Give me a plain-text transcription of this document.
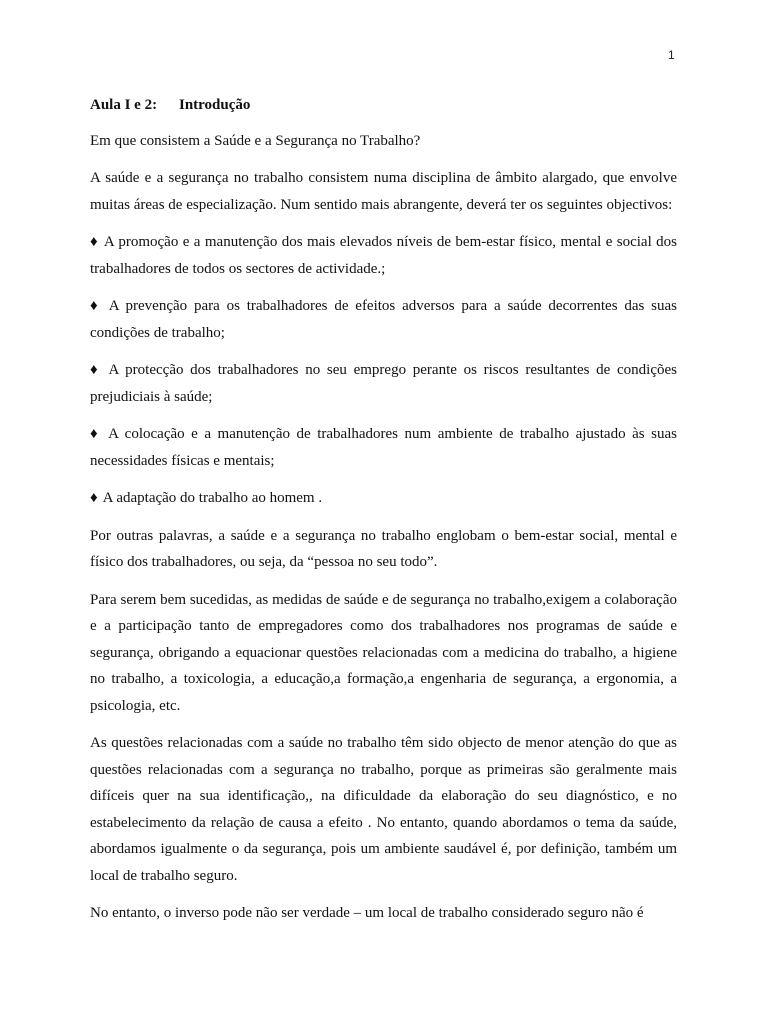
1
Aula I e 2: Introdução

Em que consistem a Saúde e a Segurança no Trabalho?

A saúde e a segurança no trabalho consistem numa disciplina de âmbito alargado, que envolve muitas áreas de especialização. Num sentido mais abrangente, deverá ter os seguintes objectivos:

♦ A promoção e a manutenção dos mais elevados níveis de bem-estar físico, mental e social dos trabalhadores de todos os sectores de actividade.;

♦ A prevenção para os trabalhadores de efeitos adversos para a saúde decorrentes das suas condições de trabalho;

♦ A protecção dos trabalhadores no seu emprego perante os riscos resultantes de condições prejudiciais à saúde;

♦ A colocação e a manutenção de trabalhadores num ambiente de trabalho ajustado às suas necessidades físicas e mentais;

♦ A adaptação do trabalho ao homem .

Por outras palavras, a saúde e a segurança no trabalho englobam o bem-estar social, mental e físico dos trabalhadores, ou seja, da “pessoa no seu todo”.

Para serem bem sucedidas, as medidas de saúde e de segurança no trabalho,exigem a colaboração e a participação tanto de empregadores como dos trabalhadores nos programas de saúde e segurança, obrigando a equacionar questões relacionadas com a medicina do trabalho, a higiene no trabalho, a toxicologia, a educação,a formação,a engenharia de segurança, a ergonomia, a psicologia, etc.

As questões relacionadas com a saúde no trabalho têm sido objecto de menor atenção do que as questões relacionadas com a segurança no trabalho, porque as primeiras são geralmente mais difíceis quer na sua identificação,, na dificuldade da elaboração do seu diagnóstico, e no estabelecimento da relação de causa a efeito . No entanto, quando abordamos o tema da saúde, abordamos igualmente o da segurança, pois um ambiente saudável é, por definição, também um local de trabalho seguro.

No entanto, o inverso pode não ser verdade – um local de trabalho considerado seguro não é
